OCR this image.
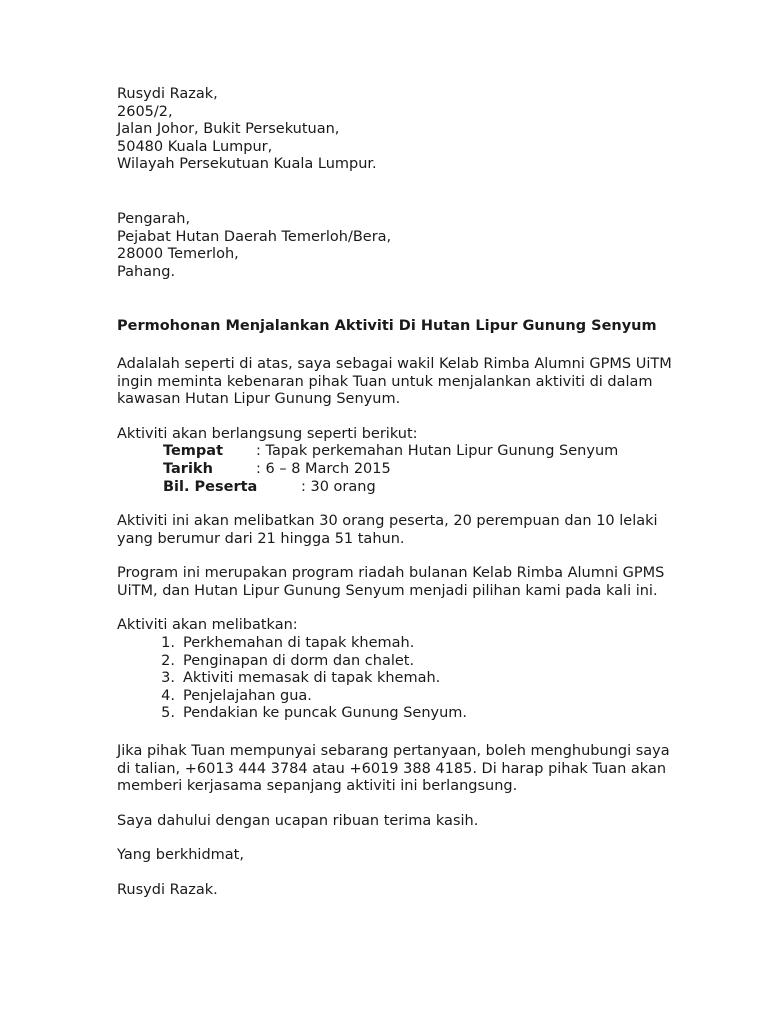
Rusydi Razak,
2605/2,
Jalan Johor, Bukit Persekutuan,
50480 Kuala Lumpur,
Wilayah Persekutuan Kuala Lumpur.
Pengarah,
Pejabat Hutan Daerah Temerloh/Bera,
28000 Temerloh,
Pahang.
Permohonan Menjalankan Aktiviti Di Hutan Lipur Gunung Senyum
Adalalah seperti di atas, saya sebagai wakil Kelab Rimba Alumni GPMS UiTM ingin meminta kebenaran pihak Tuan untuk menjalankan aktiviti di dalam kawasan Hutan Lipur Gunung Senyum.
Aktiviti akan berlangsung seperti berikut:
Tempat	: Tapak perkemahan Hutan Lipur Gunung Senyum
Tarikh	: 6 – 8 March 2015
Bil. Peserta	: 30 orang
Aktiviti ini akan melibatkan 30 orang peserta, 20 perempuan dan 10 lelaki yang berumur dari 21 hingga 51 tahun.
Program ini merupakan program riadah bulanan Kelab Rimba Alumni GPMS UiTM, dan Hutan Lipur Gunung Senyum menjadi pilihan kami pada kali ini.
Aktiviti akan melibatkan:
1. Perkhemahan di tapak khemah.
2. Penginapan di dorm dan chalet.
3. Aktiviti memasak di tapak khemah.
4. Penjelajahan gua.
5. Pendakian ke puncak Gunung Senyum.
Jika pihak Tuan mempunyai sebarang pertanyaan, boleh menghubungi saya di talian, +6013 444 3784 atau +6019 388 4185. Di harap pihak Tuan akan memberi kerjasama sepanjang aktiviti ini berlangsung.
Saya dahului dengan ucapan ribuan terima kasih.
Yang berkhidmat,
Rusydi Razak.
